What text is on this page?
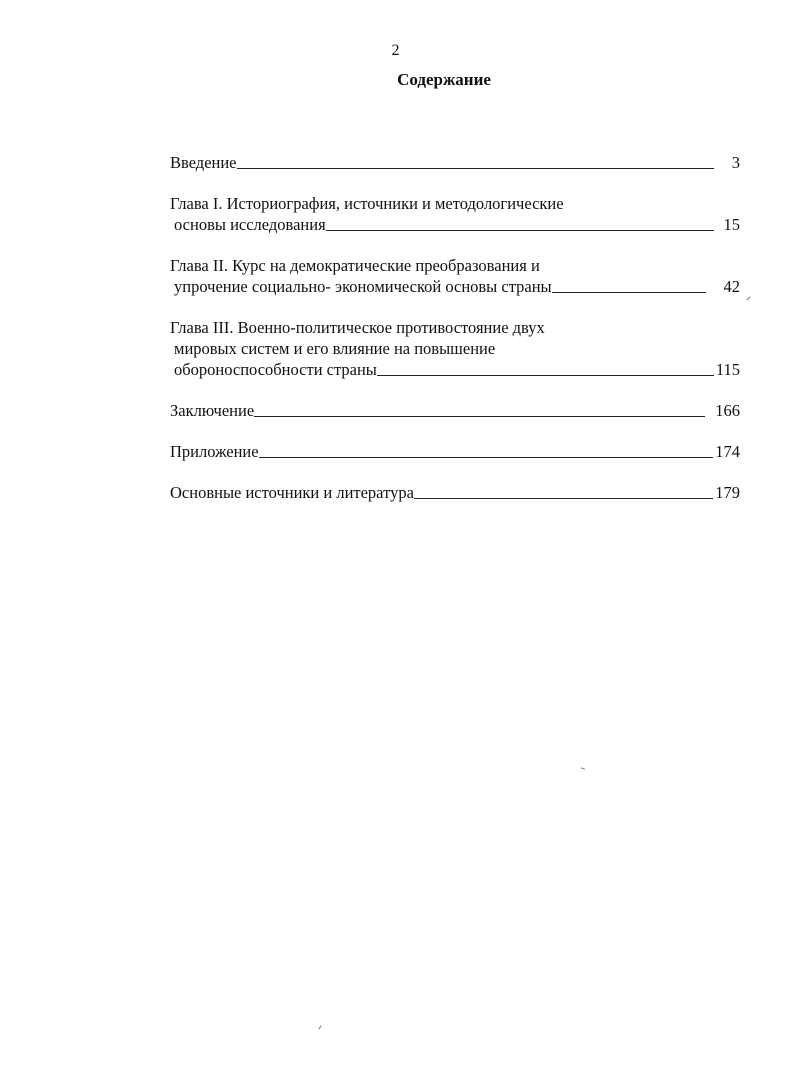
2
Содержание
Введение	3
Глава I. Историография, источники и методологические
основы исследования	15
Глава II. Курс на демократические преобразования и
упрочение социально- экономической основы страны	42
Глава III. Военно-политическое противостояние двух
мировых систем и его влияние на повышение
обороноспособности страны	115
Заключение	166
Приложение	174
Основные источники и литература	179
